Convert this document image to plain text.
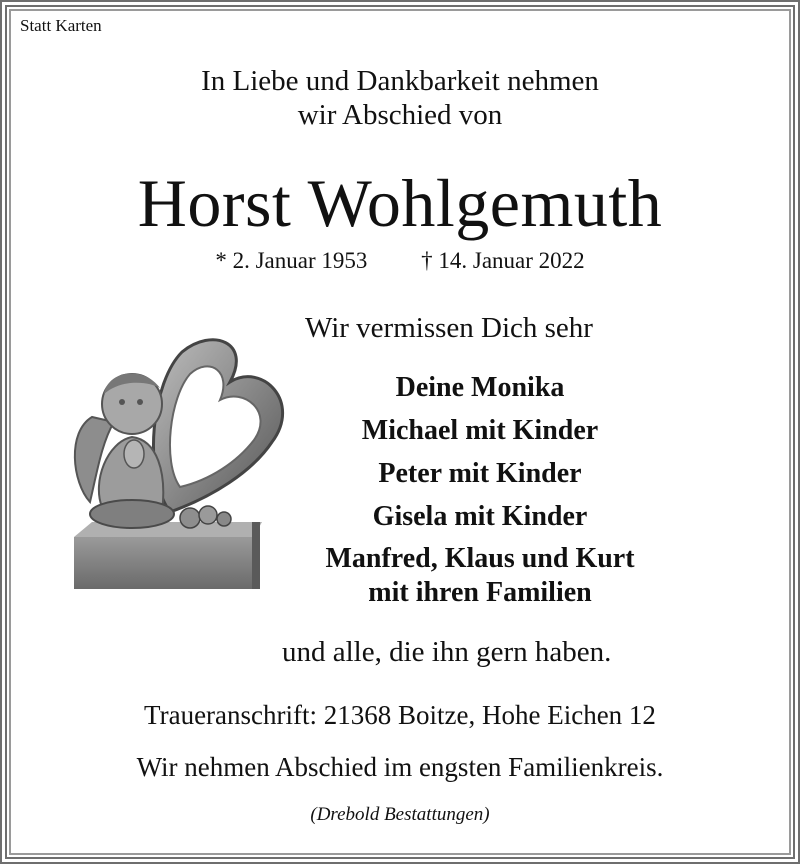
Statt Karten
In Liebe und Dankbarkeit nehmen
wir Abschied von
Horst Wohlgemuth
* 2. Januar 1953 † 14. Januar 2022
Wir vermissen Dich sehr
Deine Monika
Michael mit Kinder
Peter mit Kinder
Gisela mit Kinder
Manfred, Klaus und Kurt
mit ihren Familien
und alle, die ihn gern haben.
Traueranschrift: 21368 Boitze, Hohe Eichen 12
Wir nehmen Abschied im engsten Familienkreis.
(Drebold Bestattungen)
